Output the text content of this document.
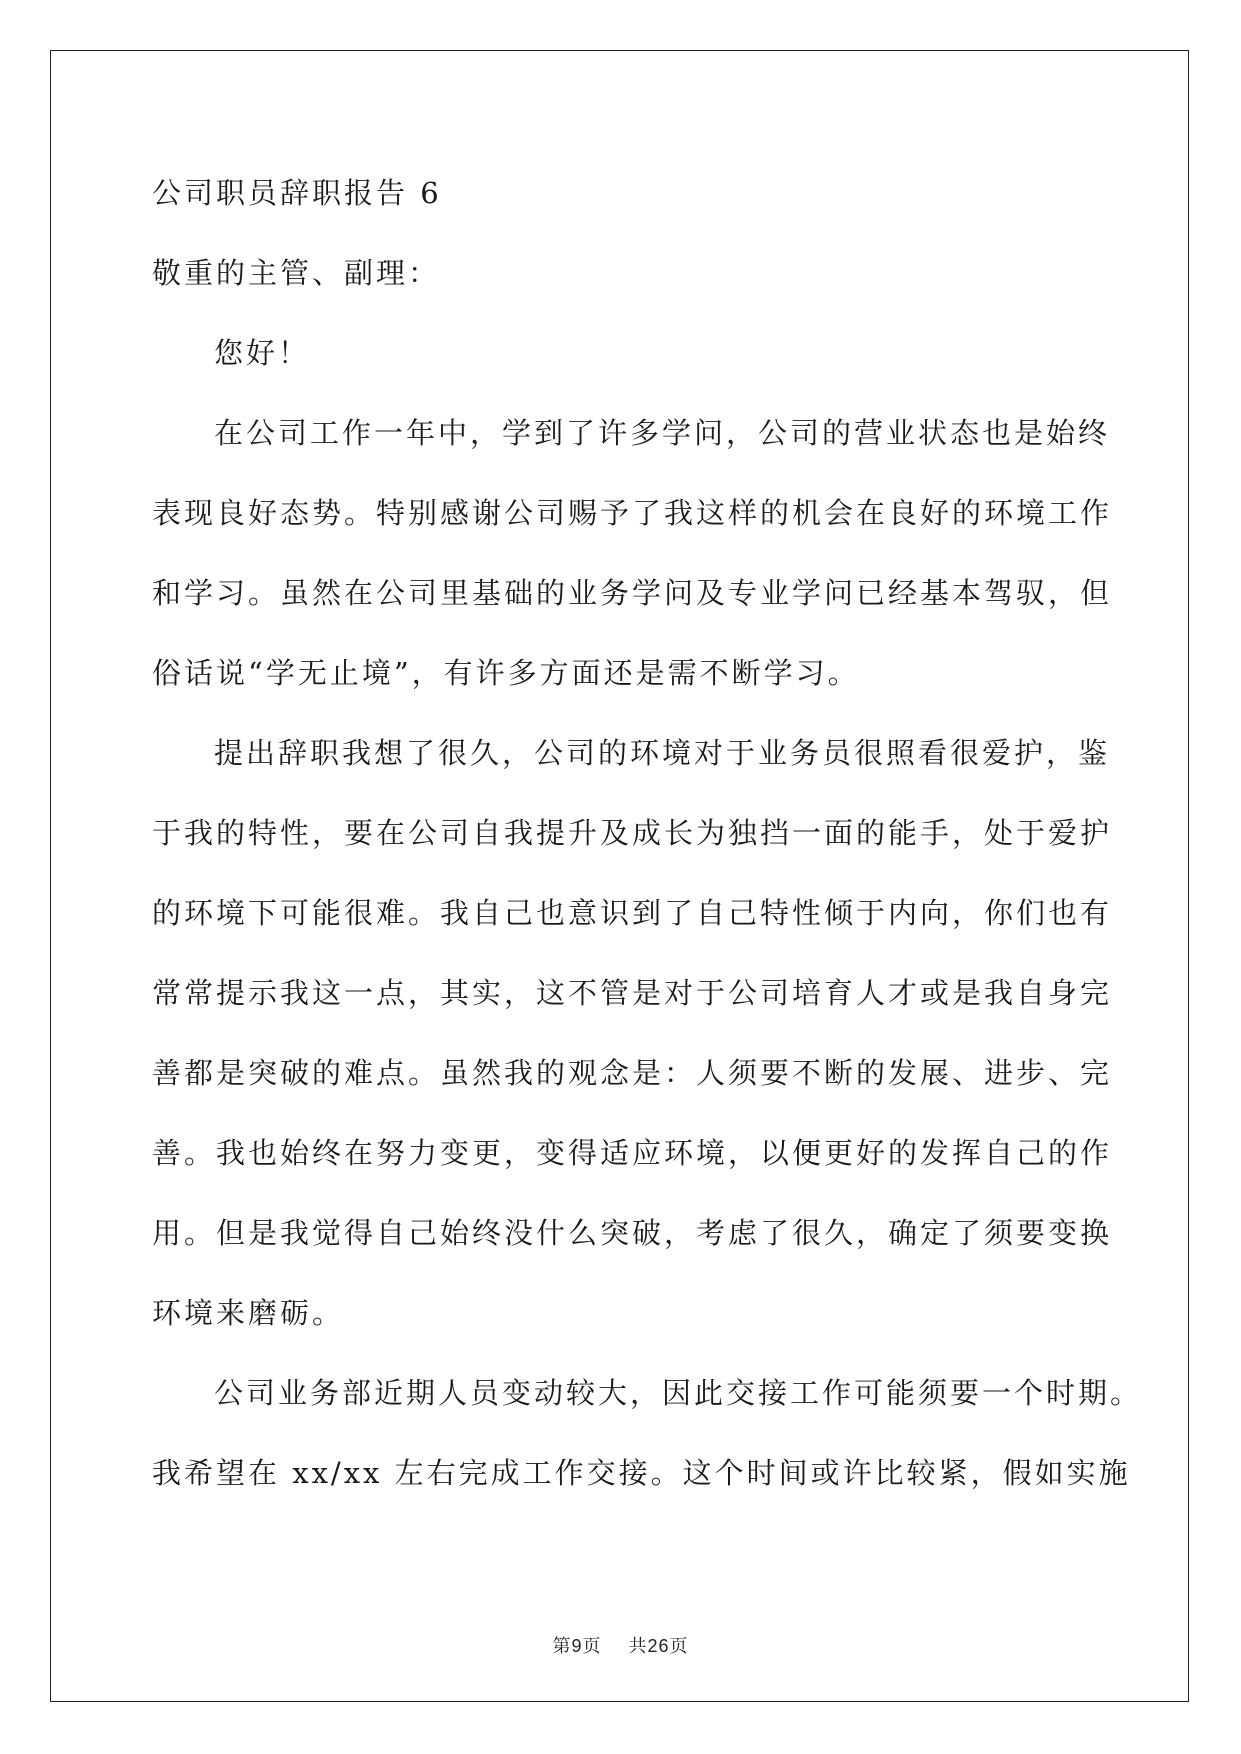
公司职员辞职报告 6
敬重的主管、副理：
您好！
在公司工作一年中，学到了许多学问，公司的营业状态也是始终
表现良好态势。特别感谢公司赐予了我这样的机会在良好的环境工作
和学习。虽然在公司里基础的业务学问及专业学问已经基本驾驭，但
俗话说“学无止境”，有许多方面还是需不断学习。
提出辞职我想了很久，公司的环境对于业务员很照看很爱护，鉴
于我的特性，要在公司自我提升及成长为独挡一面的能手，处于爱护
的环境下可能很难。我自己也意识到了自己特性倾于内向，你们也有
常常提示我这一点，其实，这不管是对于公司培育人才或是我自身完
善都是突破的难点。虽然我的观念是：人须要不断的发展、进步、完
善。我也始终在努力变更，变得适应环境，以便更好的发挥自己的作
用。但是我觉得自己始终没什么突破，考虑了很久，确定了须要变换
环境来磨砺。
公司业务部近期人员变动较大，因此交接工作可能须要一个时期。
我希望在 xx/xx 左右完成工作交接。这个时间或许比较紧，假如实施
第9页 共26页
